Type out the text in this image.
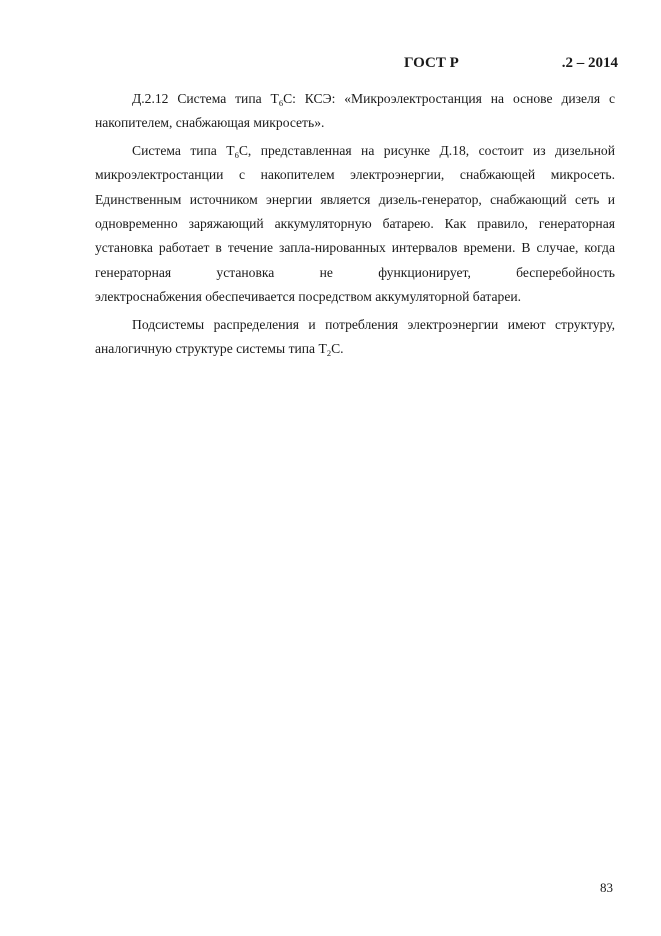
ГОСТ Р	.2 – 2014

Д.2.12 Система типа $Т_6С$: КСЭ: «Микроэлектростанция на основе дизеля с накопителем, снабжающая микросеть».

Система типа $Т_6С$, представленная на рисунке Д.18, состоит из дизельной микроэлектростанции с накопителем электроэнергии, снабжающей микросеть. Единственным источником энергии является дизель-генератор, снабжающий сеть и одновременно заряжающий аккумуляторную батарею. Как правило, генераторная установка работает в течение запла-нированных интервалов времени. В случае, когда генераторная установка не функционирует, бесперебойность
электроснабжения обеспечивается посредством аккумуляторной батареи.

Подсистемы распределения и потребления электроэнергии имеют структуру, аналогичную структуре системы типа $Т_2С$.

83
